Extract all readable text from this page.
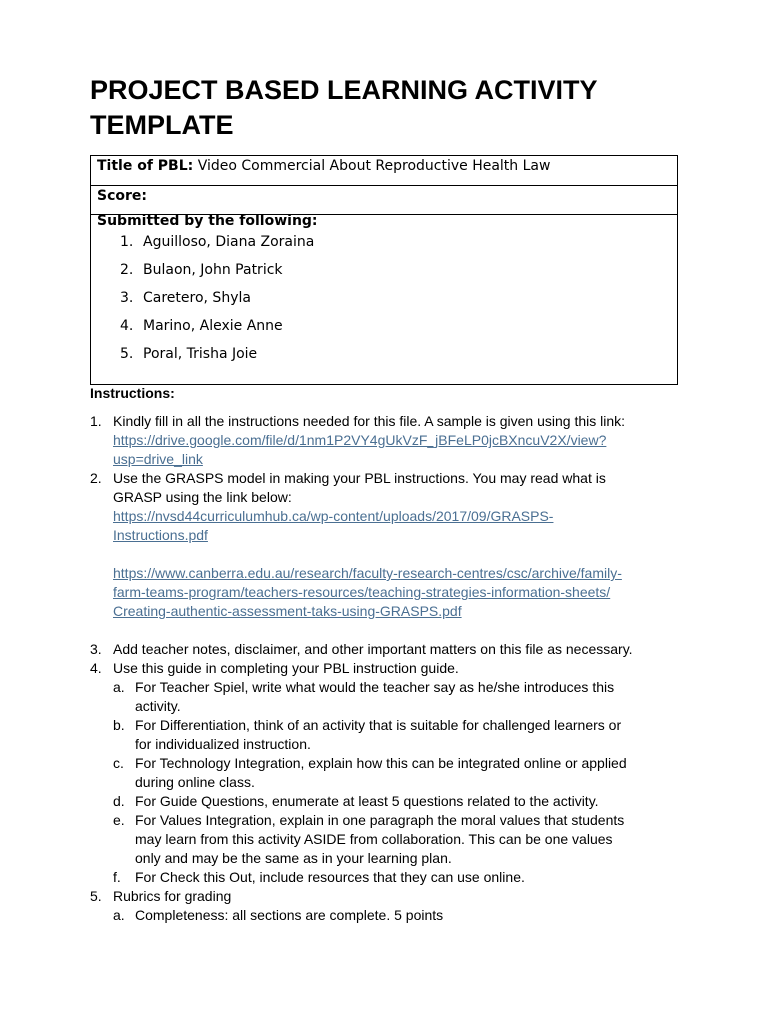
PROJECT BASED LEARNING ACTIVITY TEMPLATE
Title of PBL: Video Commercial About Reproductive Health Law
Score:

Submitted by the following:
1. Aguilloso, Diana Zoraina
2. Bulaon, John Patrick
3. Caretero, Shyla
4. Marino, Alexie Anne
5. Poral, Trisha Joie
Instructions:
1. Kindly fill in all the instructions needed for this file. A sample is given using this link:
https://drive.google.com/file/d/1nm1P2VY4gUkVzF_jBFeLP0jcBXncuV2X/view?
usp=drive_link
2. Use the GRASPS model in making your PBL instructions. You may read what is
GRASP using the link below:
https://nvsd44curriculumhub.ca/wp-content/uploads/2017/09/GRASPS-
Instructions.pdf
https://www.canberra.edu.au/research/faculty-research-centres/csc/archive/family-
farm-teams-program/teachers-resources/teaching-strategies-information-sheets/
Creating-authentic-assessment-taks-using-GRASPS.pdf
3. Add teacher notes, disclaimer, and other important matters on this file as necessary.
4. Use this guide in completing your PBL instruction guide.
a. For Teacher Spiel, write what would the teacher say as he/she introduces this
activity.
b. For Differentiation, think of an activity that is suitable for challenged learners or
for individualized instruction.
c. For Technology Integration, explain how this can be integrated online or applied
during online class.
d. For Guide Questions, enumerate at least 5 questions related to the activity.
e. For Values Integration, explain in one paragraph the moral values that students
may learn from this activity ASIDE from collaboration. This can be one values
only and may be the same as in your learning plan.
f. For Check this Out, include resources that they can use online.
5. Rubrics for grading
a. Completeness: all sections are complete. 5 points
